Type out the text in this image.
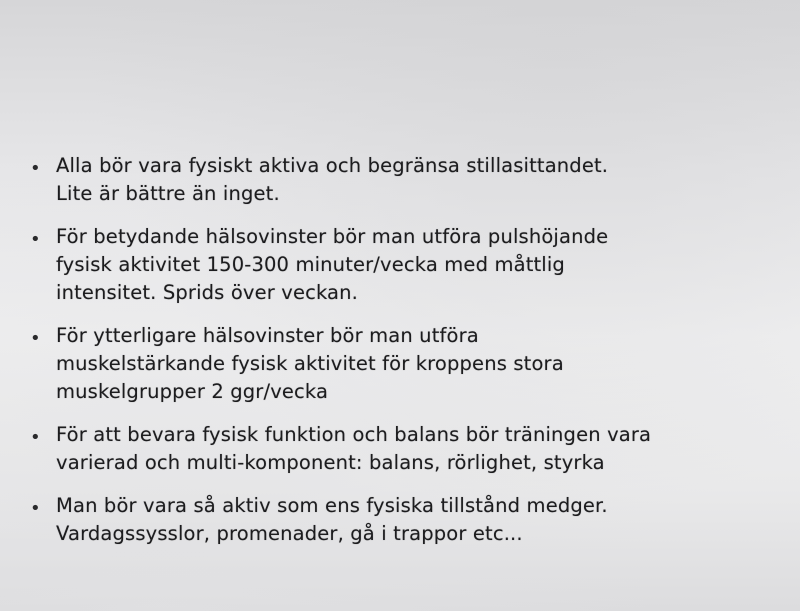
• Alla bör vara fysiskt aktiva och begränsa stillasittandet.
Lite är bättre än inget.
• För betydande hälsovinster bör man utföra pulshöjande
fysisk aktivitet 150-300 minuter/vecka med måttlig
intensitet. Sprids över veckan.
• För ytterligare hälsovinster bör man utföra
muskelstärkande fysisk aktivitet för kroppens stora
muskelgrupper 2 ggr/vecka
• För att bevara fysisk funktion och balans bör träningen vara
varierad och multi-komponent: balans, rörlighet, styrka
• Man bör vara så aktiv som ens fysiska tillstånd medger.
Vardagssysslor, promenader, gå i trappor etc...
